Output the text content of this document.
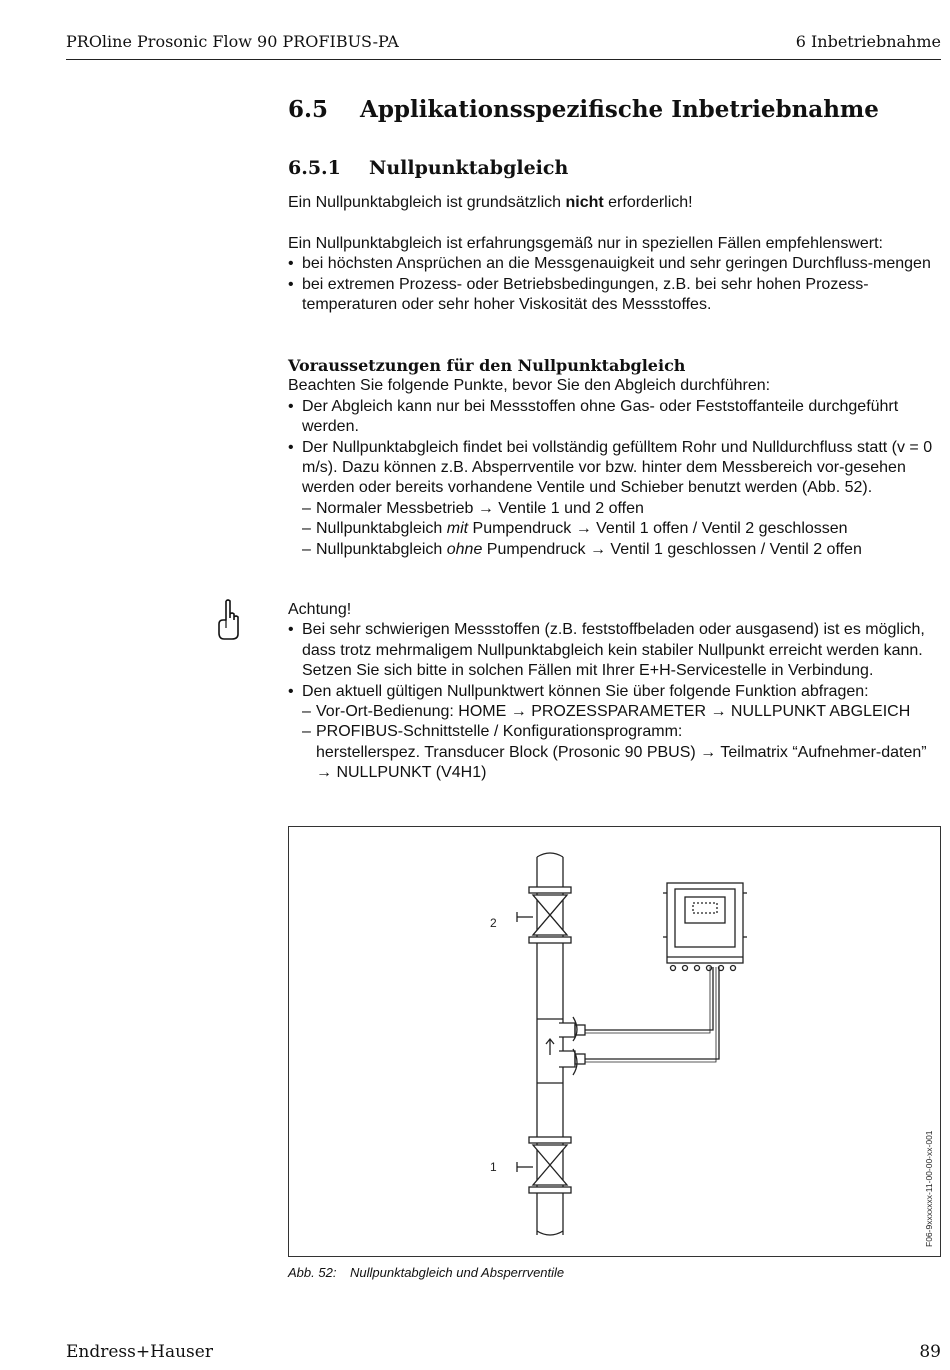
PROline Prosonic Flow 90 PROFIBUS-PA	6 Inbetriebnahme
6.5 Applikationsspezifische Inbetriebnahme
6.5.1 Nullpunktabgleich
Ein Nullpunktabgleich ist grundsätzlich nicht erforderlich!
Ein Nullpunktabgleich ist erfahrungsgemäß nur in speziellen Fällen empfehlenswert:
• bei höchsten Ansprüchen an die Messgenauigkeit und sehr geringen Durchfluss-mengen
• bei extremen Prozess- oder Betriebsbedingungen, z.B. bei sehr hohen Prozess-temperaturen oder sehr hoher Viskosität des Messstoffes.
Voraussetzungen für den Nullpunktabgleich
Beachten Sie folgende Punkte, bevor Sie den Abgleich durchführen:
• Der Abgleich kann nur bei Messstoffen ohne Gas- oder Feststoffanteile durchgeführt werden.
• Der Nullpunktabgleich findet bei vollständig gefülltem Rohr und Nulldurchfluss statt (v = 0 m/s). Dazu können z.B. Absperrventile vor bzw. hinter dem Messbereich vor-gesehen werden oder bereits vorhandene Ventile und Schieber benutzt werden (Abb. 52).
– Normaler Messbetrieb → Ventile 1 und 2 offen
– Nullpunktabgleich mit Pumpendruck → Ventil 1 offen / Ventil 2 geschlossen
– Nullpunktabgleich ohne Pumpendruck → Ventil 1 geschlossen / Ventil 2 offen
Achtung!
• Bei sehr schwierigen Messstoffen (z.B. feststoffbeladen oder ausgasend) ist es möglich, dass trotz mehrmaligem Nullpunktabgleich kein stabiler Nullpunkt erreicht werden kann. Setzen Sie sich bitte in solchen Fällen mit Ihrer E+H-Servicestelle in Verbindung.
• Den aktuell gültigen Nullpunktwert können Sie über folgende Funktion abfragen:
– Vor-Ort-Bedienung: HOME → PROZESSPARAMETER → NULLPUNKT ABGLEICH
– PROFIBUS-Schnittstelle / Konfigurationsprogramm:
herstellerspez. Transducer Block (Prosonic 90 PBUS) → Teilmatrix “Aufnehmer-daten” → NULLPUNKT (V4H1)
2
1	F06-9xxxxxxx-11-00-00-xx-001
Abb. 52: Nullpunktabgleich und Absperrventile
Endress+Hauser	89
